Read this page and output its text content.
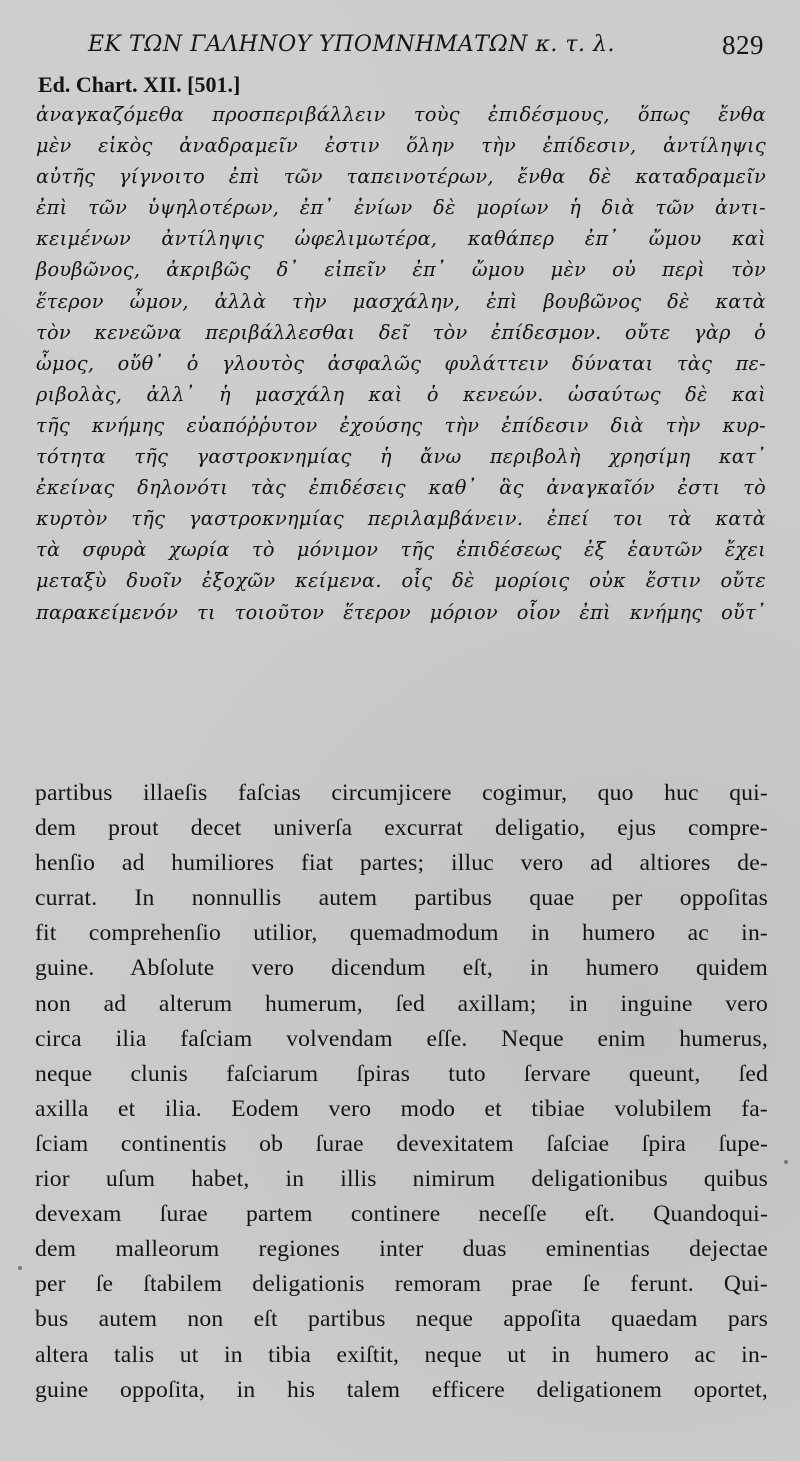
ΕΚ ΤΩΝ ΓΑΛΗΝΟΥ ΥΠΟΜΝΗΜΑΤΩΝ κ. τ. λ.	829
Ed. Chart. XII. [501.]
ἀναγκαζόμεθα προσπεριβάλλειν τοὺς ἐπιδέσμους, ὅπως ἔνθα
μὲν εἰκὸς ἀναδραμεῖν ἐστιν ὅλην τὴν ἐπίδεσιν, ἀντίληψις
αὐτῆς γίγνοιτο ἐπὶ τῶν ταπεινοτέρων, ἔνθα δὲ καταδραμεῖν
ἐπὶ τῶν ὑψηλοτέρων, ἐπ᾽ ἐνίων δὲ μορίων ἡ διὰ τῶν ἀντι-
κειμένων ἀντίληψις ὠφελιμωτέρα, καθάπερ ἐπ᾽ ὤμου καὶ
βουβῶνος, ἀκριβῶς δ᾽ εἰπεῖν ἐπ᾽ ὤμου μὲν οὐ περὶ τὸν
ἕτερον ὦμον, ἀλλὰ τὴν μασχάλην, ἐπὶ βουβῶνος δὲ κατὰ
τὸν κενεῶνα περιβάλλεσθαι δεῖ τὸν ἐπίδεσμον. οὔτε γὰρ ὁ
ὦμος, οὔθ᾽ ὁ γλουτὸς ἀσφαλῶς φυλάττειν δύναται τὰς πε-
ριβολὰς, ἀλλ᾽ ἡ μασχάλη καὶ ὁ κενεών. ὡσαύτως δὲ καὶ
τῆς κνήμης εὐαπόῤῥυτον ἐχούσης τὴν ἐπίδεσιν διὰ τὴν κυρ-
τότητα τῆς γαστροκνημίας ἡ ἄνω περιβολὴ χρησίμη κατ᾽
ἐκείνας δηλονότι τὰς ἐπιδέσεις καθ᾽ ἃς ἀναγκαῖόν ἐστι τὸ
κυρτὸν τῆς γαστροκνημίας περιλαμβάνειν. ἐπεί τοι τὰ κατὰ
τὰ σφυρὰ χωρία τὸ μόνιμον τῆς ἐπιδέσεως ἐξ ἑαυτῶν ἔχει
μεταξὺ δυοῖν ἐξοχῶν κείμενα. οἷς δὲ μορίοις οὐκ ἔστιν οὔτε
παρακείμενόν τι τοιοῦτον ἕτερον μόριον οἷον ἐπὶ κνήμης οὔτ᾽
partibus illaeſis faſcias circumjicere cogimur, quo huc qui-
dem prout decet univerſa excurrat deligatio, ejus compre-
henſio ad humiliores fiat partes; illuc vero ad altiores de-
currat. In nonnullis autem partibus quae per oppoſitas
fit comprehenſio utilior, quemadmodum in humero ac in-
guine. Abſolute vero dicendum eſt, in humero quidem
non ad alterum humerum, ſed axillam; in inguine vero
circa ilia faſciam volvendam eſſe. Neque enim humerus,
neque clunis faſciarum ſpiras tuto ſervare queunt, ſed
axilla et ilia. Eodem vero modo et tibiae volubilem fa-
ſciam continentis ob ſurae devexitatem ſaſciae ſpira ſupe-
rior uſum habet, in illis nimirum deligationibus quibus
devexam ſurae partem continere neceſſe eſt. Quandoqui-
dem malleorum regiones inter duas eminentias dejectae
per ſe ſtabilem deligationis remoram prae ſe ferunt. Qui-
bus autem non eſt partibus neque appoſita quaedam pars
altera talis ut in tibia exiſtit, neque ut in humero ac in-
guine oppoſita, in his talem efficere deligationem oportet,
